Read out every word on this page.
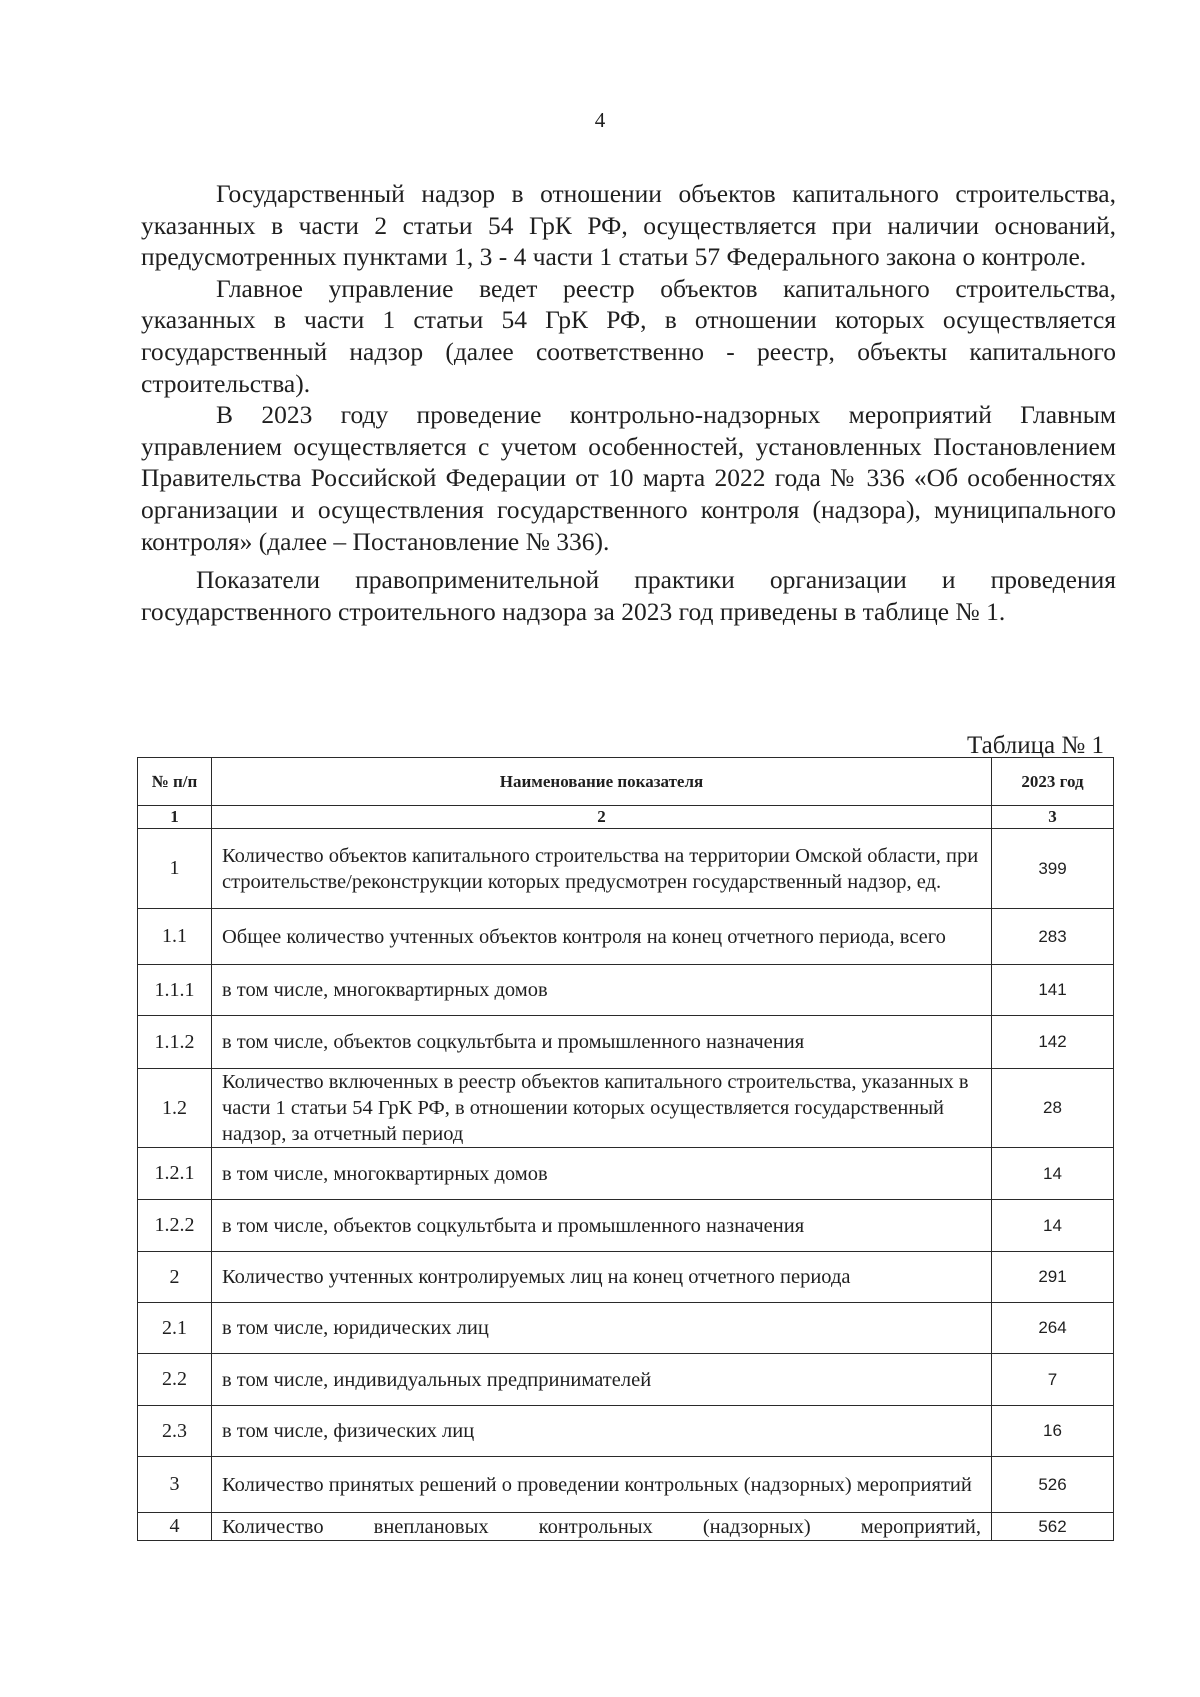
4

Государственный надзор в отношении объектов капитального строительства, указанных в части 2 статьи 54 ГрК РФ, осуществляется при наличии оснований, предусмотренных пунктами 1, 3 - 4 части 1 статьи 57 Федерального закона о контроле.

Главное управление ведет реестр объектов капитального строительства, указанных в части 1 статьи 54 ГрК РФ, в отношении которых осуществляется государственный надзор (далее соответственно - реестр, объекты капитального строительства).

В 2023 году проведение контрольно-надзорных мероприятий Главным управлением осуществляется с учетом особенностей, установленных Постановлением Правительства Российской Федерации от 10 марта 2022 года № 336 «Об особенностях организации и осуществления государственного контроля (надзора), муниципального контроля» (далее – Постановление № 336).

Показатели правоприменительной практики организации и проведения государственного строительного надзора за 2023 год приведены в таблице № 1.

Таблица № 1
№ п/п	Наименование показателя	2023 год
1	2	3
1	Количество объектов капитального строительства на территории Омской области, при строительстве/реконструкции которых предусмотрен государственный надзор, ед.	399
1.1	Общее количество учтенных объектов контроля на конец отчетного периода, всего	283
1.1.1	в том числе, многоквартирных домов	141
1.1.2	в том числе, объектов соцкультбыта и промышленного назначения	142
1.2	Количество включенных в реестр объектов капитального строительства, указанных в части 1 статьи 54 ГрК РФ, в отношении которых осуществляется государственный надзор, за отчетный период	28
1.2.1	в том числе, многоквартирных домов	14
1.2.2	в том числе, объектов соцкультбыта и промышленного назначения	14
2	Количество учтенных контролируемых лиц на конец отчетного периода	291
2.1	в том числе, юридических лиц	264
2.2	в том числе, индивидуальных предпринимателей	7
2.3	в том числе, физических лиц	16
3	Количество принятых решений о проведении контрольных (надзорных) мероприятий	526
4	Количество внеплановых контрольных (надзорных) мероприятий,	562
